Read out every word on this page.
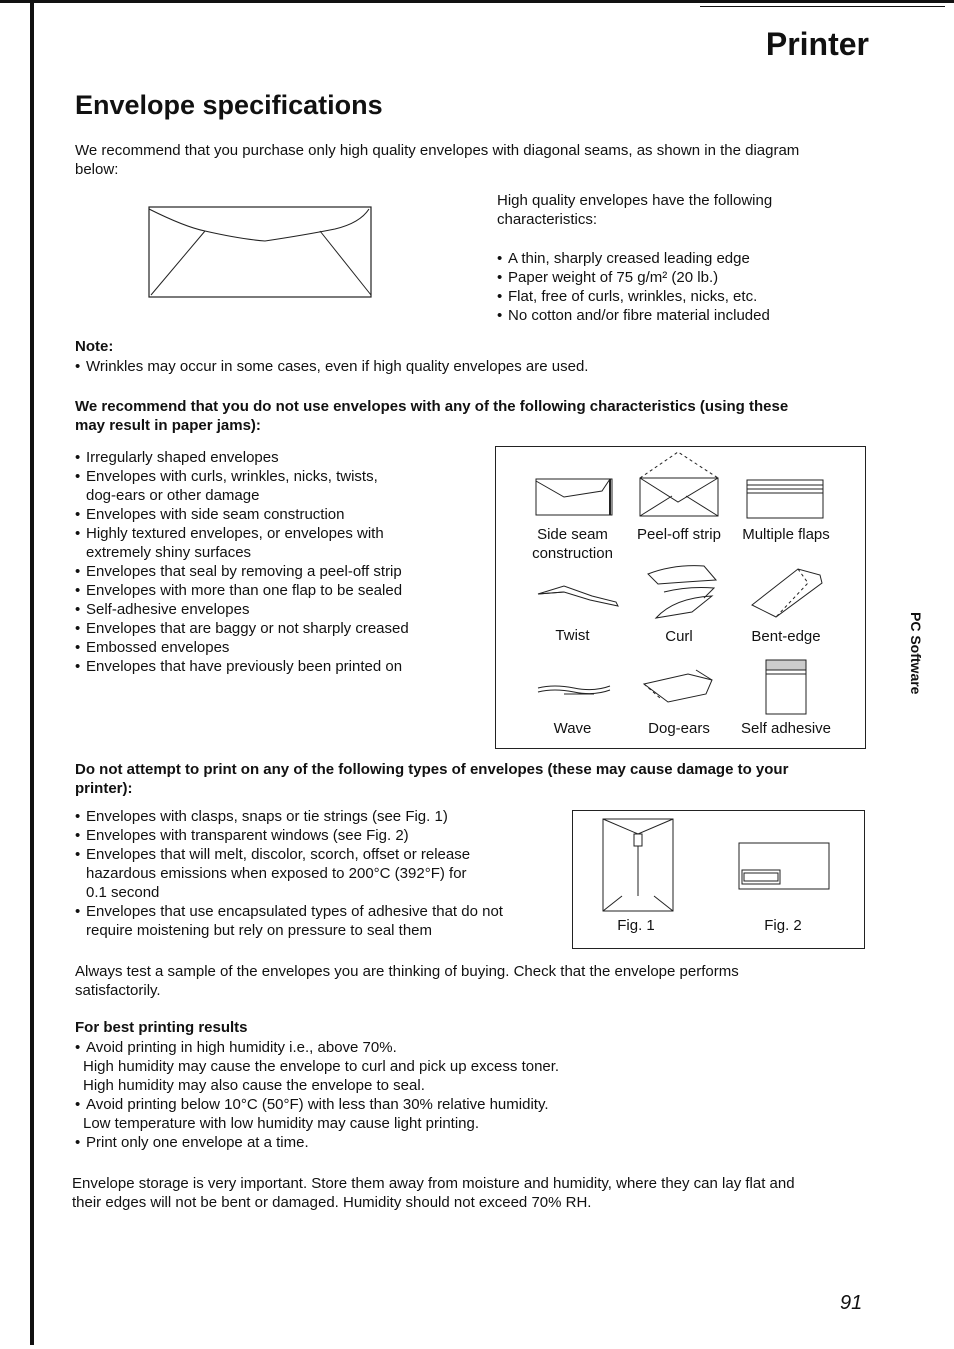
Printer
Envelope specifications
We recommend that you purchase only high quality envelopes with diagonal seams, as shown in the diagram
below:
High quality envelopes have the following
characteristics:
• A thin, sharply creased leading edge
• Paper weight of 75 g/m² (20 lb.)
• Flat, free of curls, wrinkles, nicks, etc.
• No cotton and/or fibre material included
Note:
• Wrinkles may occur in some cases, even if high quality envelopes are used.
We recommend that you do not use envelopes with any of the following characteristics (using these
may result in paper jams):
• Irregularly shaped envelopes
• Envelopes with curls, wrinkles, nicks, twists,
dog-ears or other damage
• Envelopes with side seam construction
• Highly textured envelopes, or envelopes with
extremely shiny surfaces
• Envelopes that seal by removing a peel-off strip
• Envelopes with more than one flap to be sealed
• Self-adhesive envelopes
• Envelopes that are baggy or not sharply creased
• Embossed envelopes
• Envelopes that have previously been printed on
Side seam
construction
Peel-off strip	Multiple flaps
Twist	Curl	Bent-edge
Wave	Dog-ears	Self adhesive
Do not attempt to print on any of the following types of envelopes (these may cause damage to your
printer):
• Envelopes with clasps, snaps or tie strings (see Fig. 1)
• Envelopes with transparent windows (see Fig. 2)
• Envelopes that will melt, discolor, scorch, offset or release
hazardous emissions when exposed to 200°C (392°F) for
0.1 second
• Envelopes that use encapsulated types of adhesive that do not
require moistening but rely on pressure to seal them	Fig. 1	Fig. 2
Always test a sample of the envelopes you are thinking of buying. Check that the envelope performs
satisfactorily.
For best printing results
• Avoid printing in high humidity i.e., above 70%.
High humidity may cause the envelope to curl and pick up excess toner.
High humidity may also cause the envelope to seal.
• Avoid printing below 10°C (50°F) with less than 30% relative humidity.
Low temperature with low humidity may cause light printing.
• Print only one envelope at a time.
Envelope storage is very important. Store them away from moisture and humidity, where they can lay flat and
their edges will not be bent or damaged. Humidity should not exceed 70% RH.
PC Software
91
